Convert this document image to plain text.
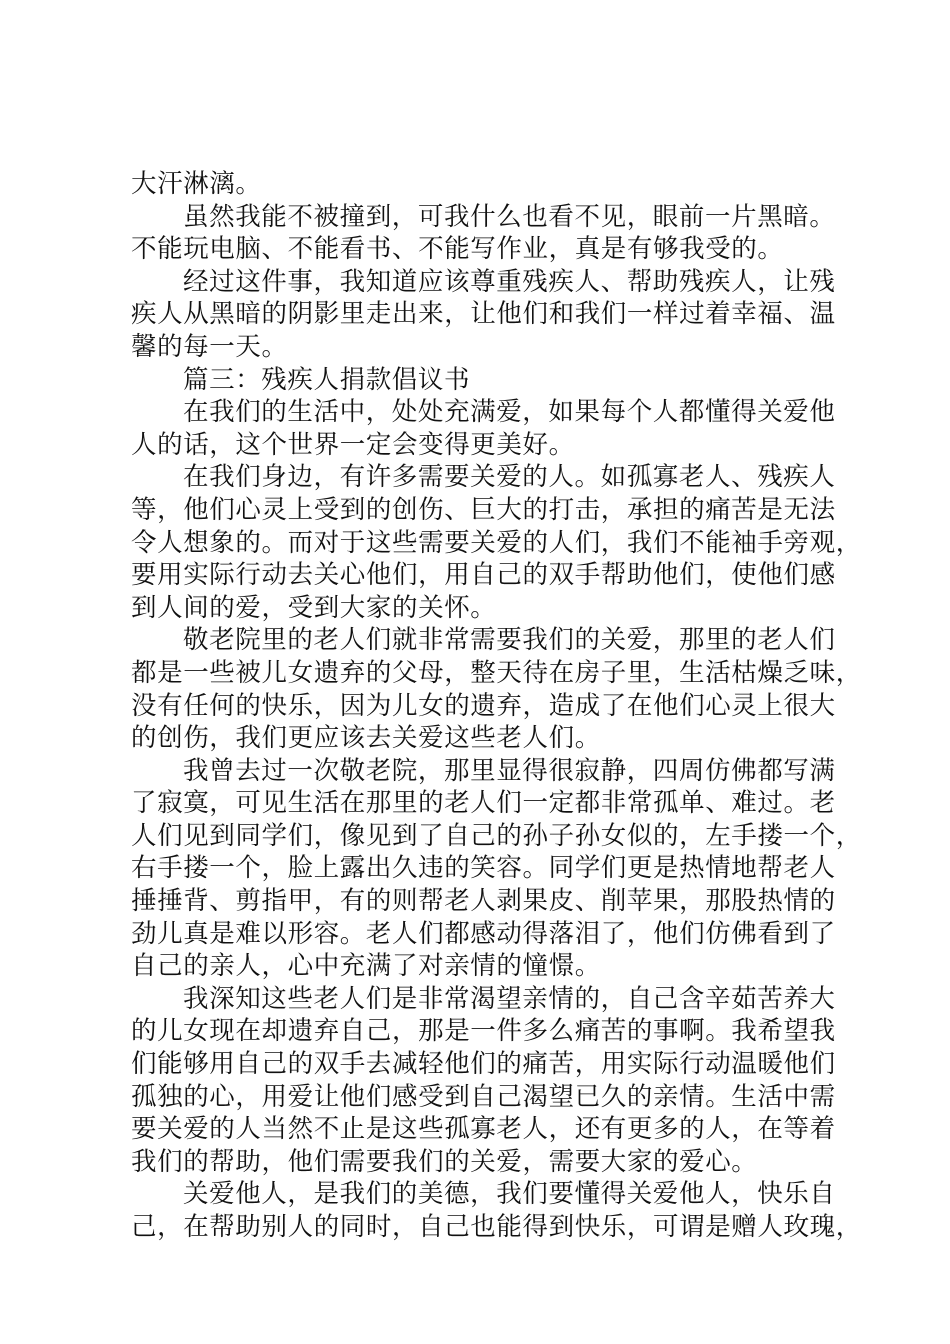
大汗淋漓。
虽然我能不被撞到，可我什么也看不见，眼前一片黑暗。
不能玩电脑、不能看书、不能写作业，真是有够我受的。
经过这件事，我知道应该尊重残疾人、帮助残疾人，让残
疾人从黑暗的阴影里走出来，让他们和我们一样过着幸福、温
馨的每一天。
篇三：残疾人捐款倡议书
在我们的生活中，处处充满爱，如果每个人都懂得关爱他
人的话，这个世界一定会变得更美好。
在我们身边，有许多需要关爱的人。如孤寡老人、残疾人
等，他们心灵上受到的创伤、巨大的打击，承担的痛苦是无法
令人想象的。而对于这些需要关爱的人们，我们不能袖手旁观，
要用实际行动去关心他们，用自己的双手帮助他们，使他们感
到人间的爱，受到大家的关怀。
敬老院里的老人们就非常需要我们的关爱，那里的老人们
都是一些被儿女遗弃的父母，整天待在房子里，生活枯燥乏味，
没有任何的快乐，因为儿女的遗弃，造成了在他们心灵上很大
的创伤，我们更应该去关爱这些老人们。
我曾去过一次敬老院，那里显得很寂静，四周仿佛都写满
了寂寞，可见生活在那里的老人们一定都非常孤单、难过。老
人们见到同学们，像见到了自己的孙子孙女似的，左手搂一个，
右手搂一个，脸上露出久违的笑容。同学们更是热情地帮老人
捶捶背、剪指甲，有的则帮老人剥果皮、削苹果，那股热情的
劲儿真是难以形容。老人们都感动得落泪了，他们仿佛看到了
自己的亲人，心中充满了对亲情的憧憬。
我深知这些老人们是非常渴望亲情的，自己含辛茹苦养大
的儿女现在却遗弃自己，那是一件多么痛苦的事啊。我希望我
们能够用自己的双手去减轻他们的痛苦，用实际行动温暖他们
孤独的心，用爱让他们感受到自己渴望已久的亲情。生活中需
要关爱的人当然不止是这些孤寡老人，还有更多的人，在等着
我们的帮助，他们需要我们的关爱，需要大家的爱心。
关爱他人，是我们的美德，我们要懂得关爱他人，快乐自
己，在帮助别人的同时，自己也能得到快乐，可谓是赠人玫瑰，
